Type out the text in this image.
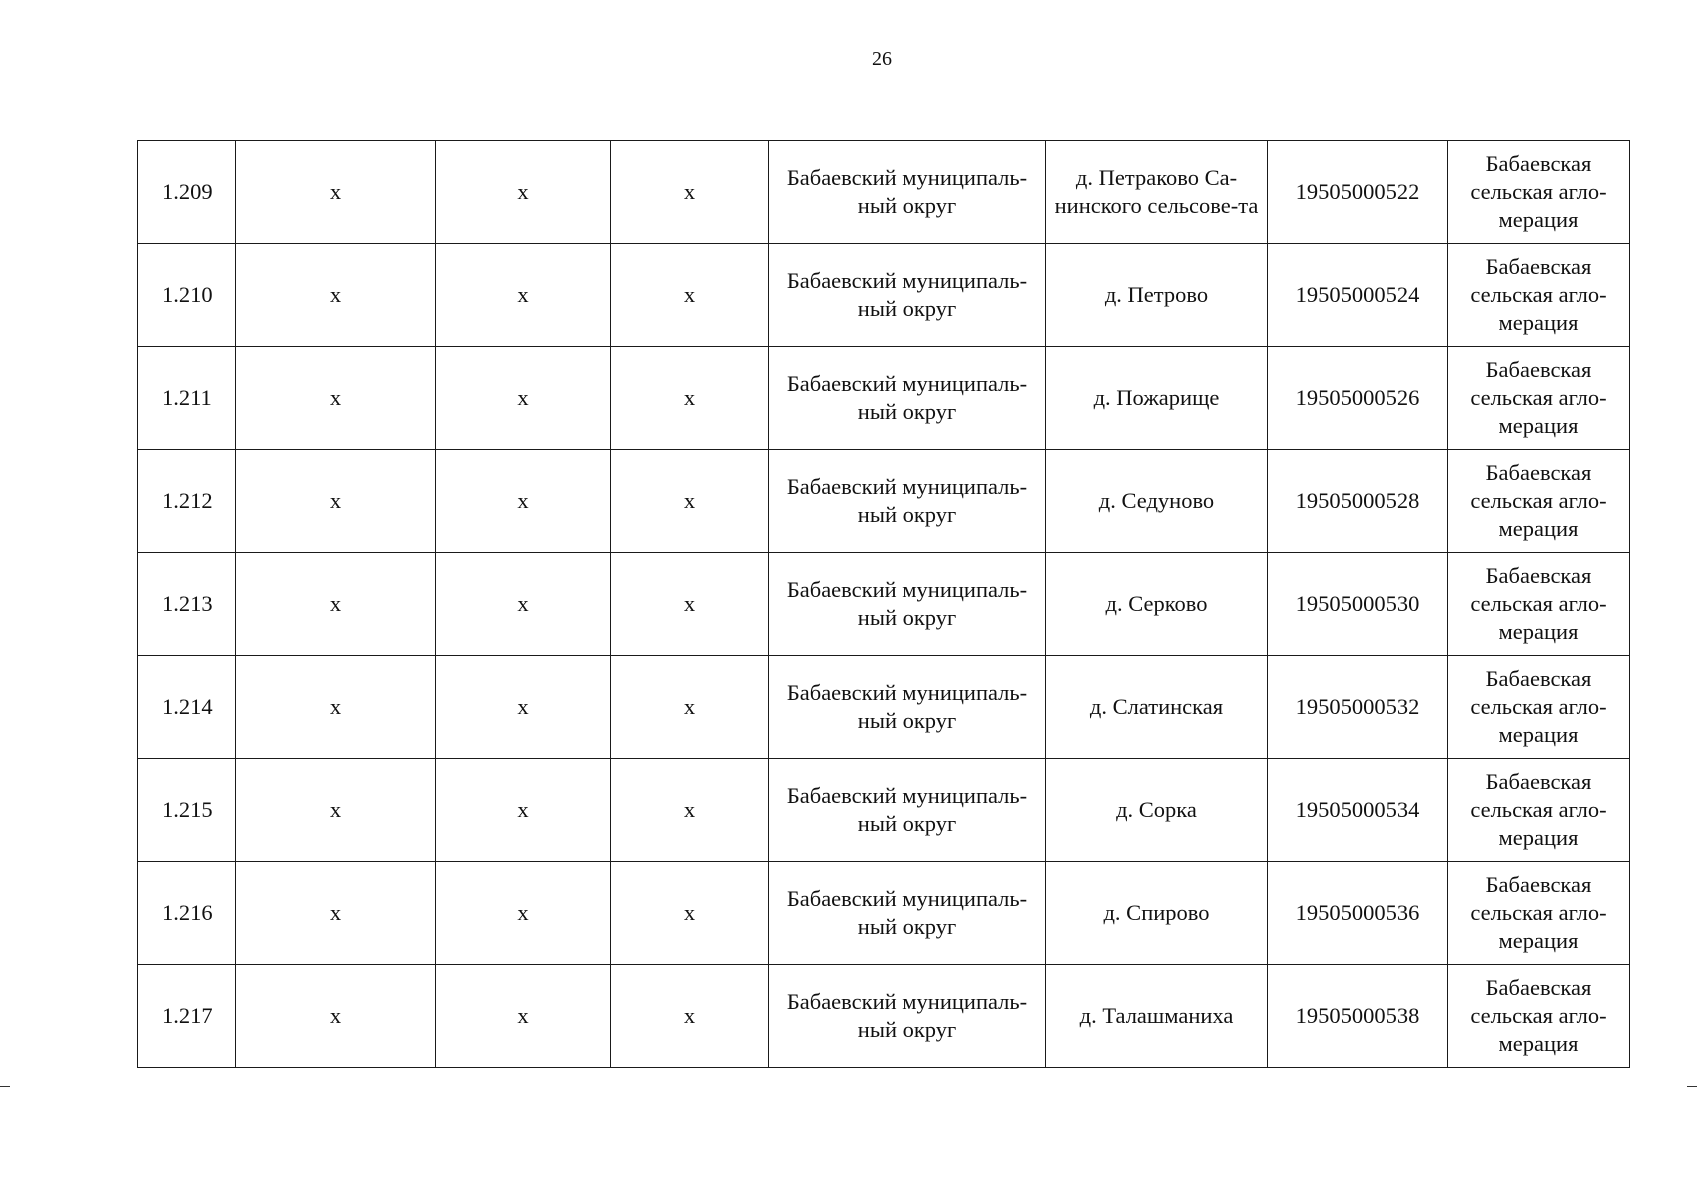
26
1.209	x	x	x	Бабаевский муниципаль-ный округ	д. Петраково Са-нинского сельсове-та	19505000522	Бабаевская сельская агло-мерация
1.210	x	x	x	Бабаевский муниципаль-ный округ	д. Петрово	19505000524	Бабаевская сельская агло-мерация
1.211	x	x	x	Бабаевский муниципаль-ный округ	д. Пожарище	19505000526	Бабаевская сельская агло-мерация
1.212	x	x	x	Бабаевский муниципаль-ный округ	д. Седуново	19505000528	Бабаевская сельская агло-мерация
1.213	x	x	x	Бабаевский муниципаль-ный округ	д. Серково	19505000530	Бабаевская сельская агло-мерация
1.214	x	x	x	Бабаевский муниципаль-ный округ	д. Слатинская	19505000532	Бабаевская сельская агло-мерация
1.215	x	x	x	Бабаевский муниципаль-ный округ	д. Сорка	19505000534	Бабаевская сельская агло-мерация
1.216	x	x	x	Бабаевский муниципаль-ный округ	д. Спирово	19505000536	Бабаевская сельская агло-мерация
1.217	x	x	x	Бабаевский муниципаль-ный округ	д. Талашманиха	19505000538	Бабаевская сельская агло-мерация
